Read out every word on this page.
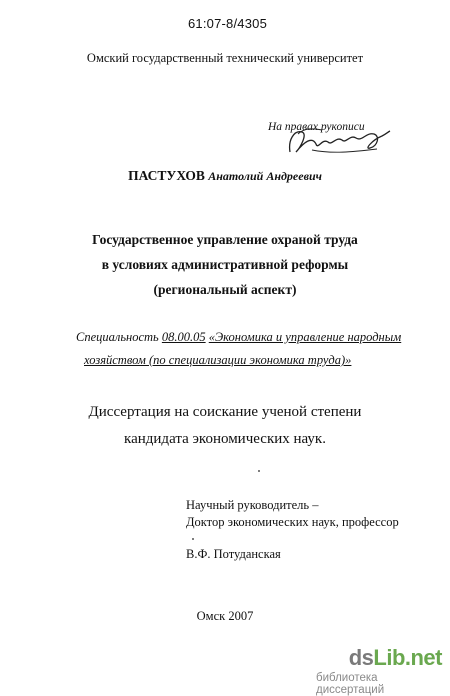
61:07-8/4305
Омский государственный технический университет
На правах рукописи
ПАСТУХОВ Анатолий Андреевич
Государственное управление охраной труда
в условиях административной реформы
(региональный аспект)
Специальность 08.00.05 «Экономика и управление народным
хозяйством (по специализации экономика труда)»
Диссертация на соискание ученой степени
кандидата экономических наук.
Научный руководитель –
Доктор экономических наук, профессор
В.Ф. Потуданская
Омск 2007
dsLib.net
библиотека диссертаций
